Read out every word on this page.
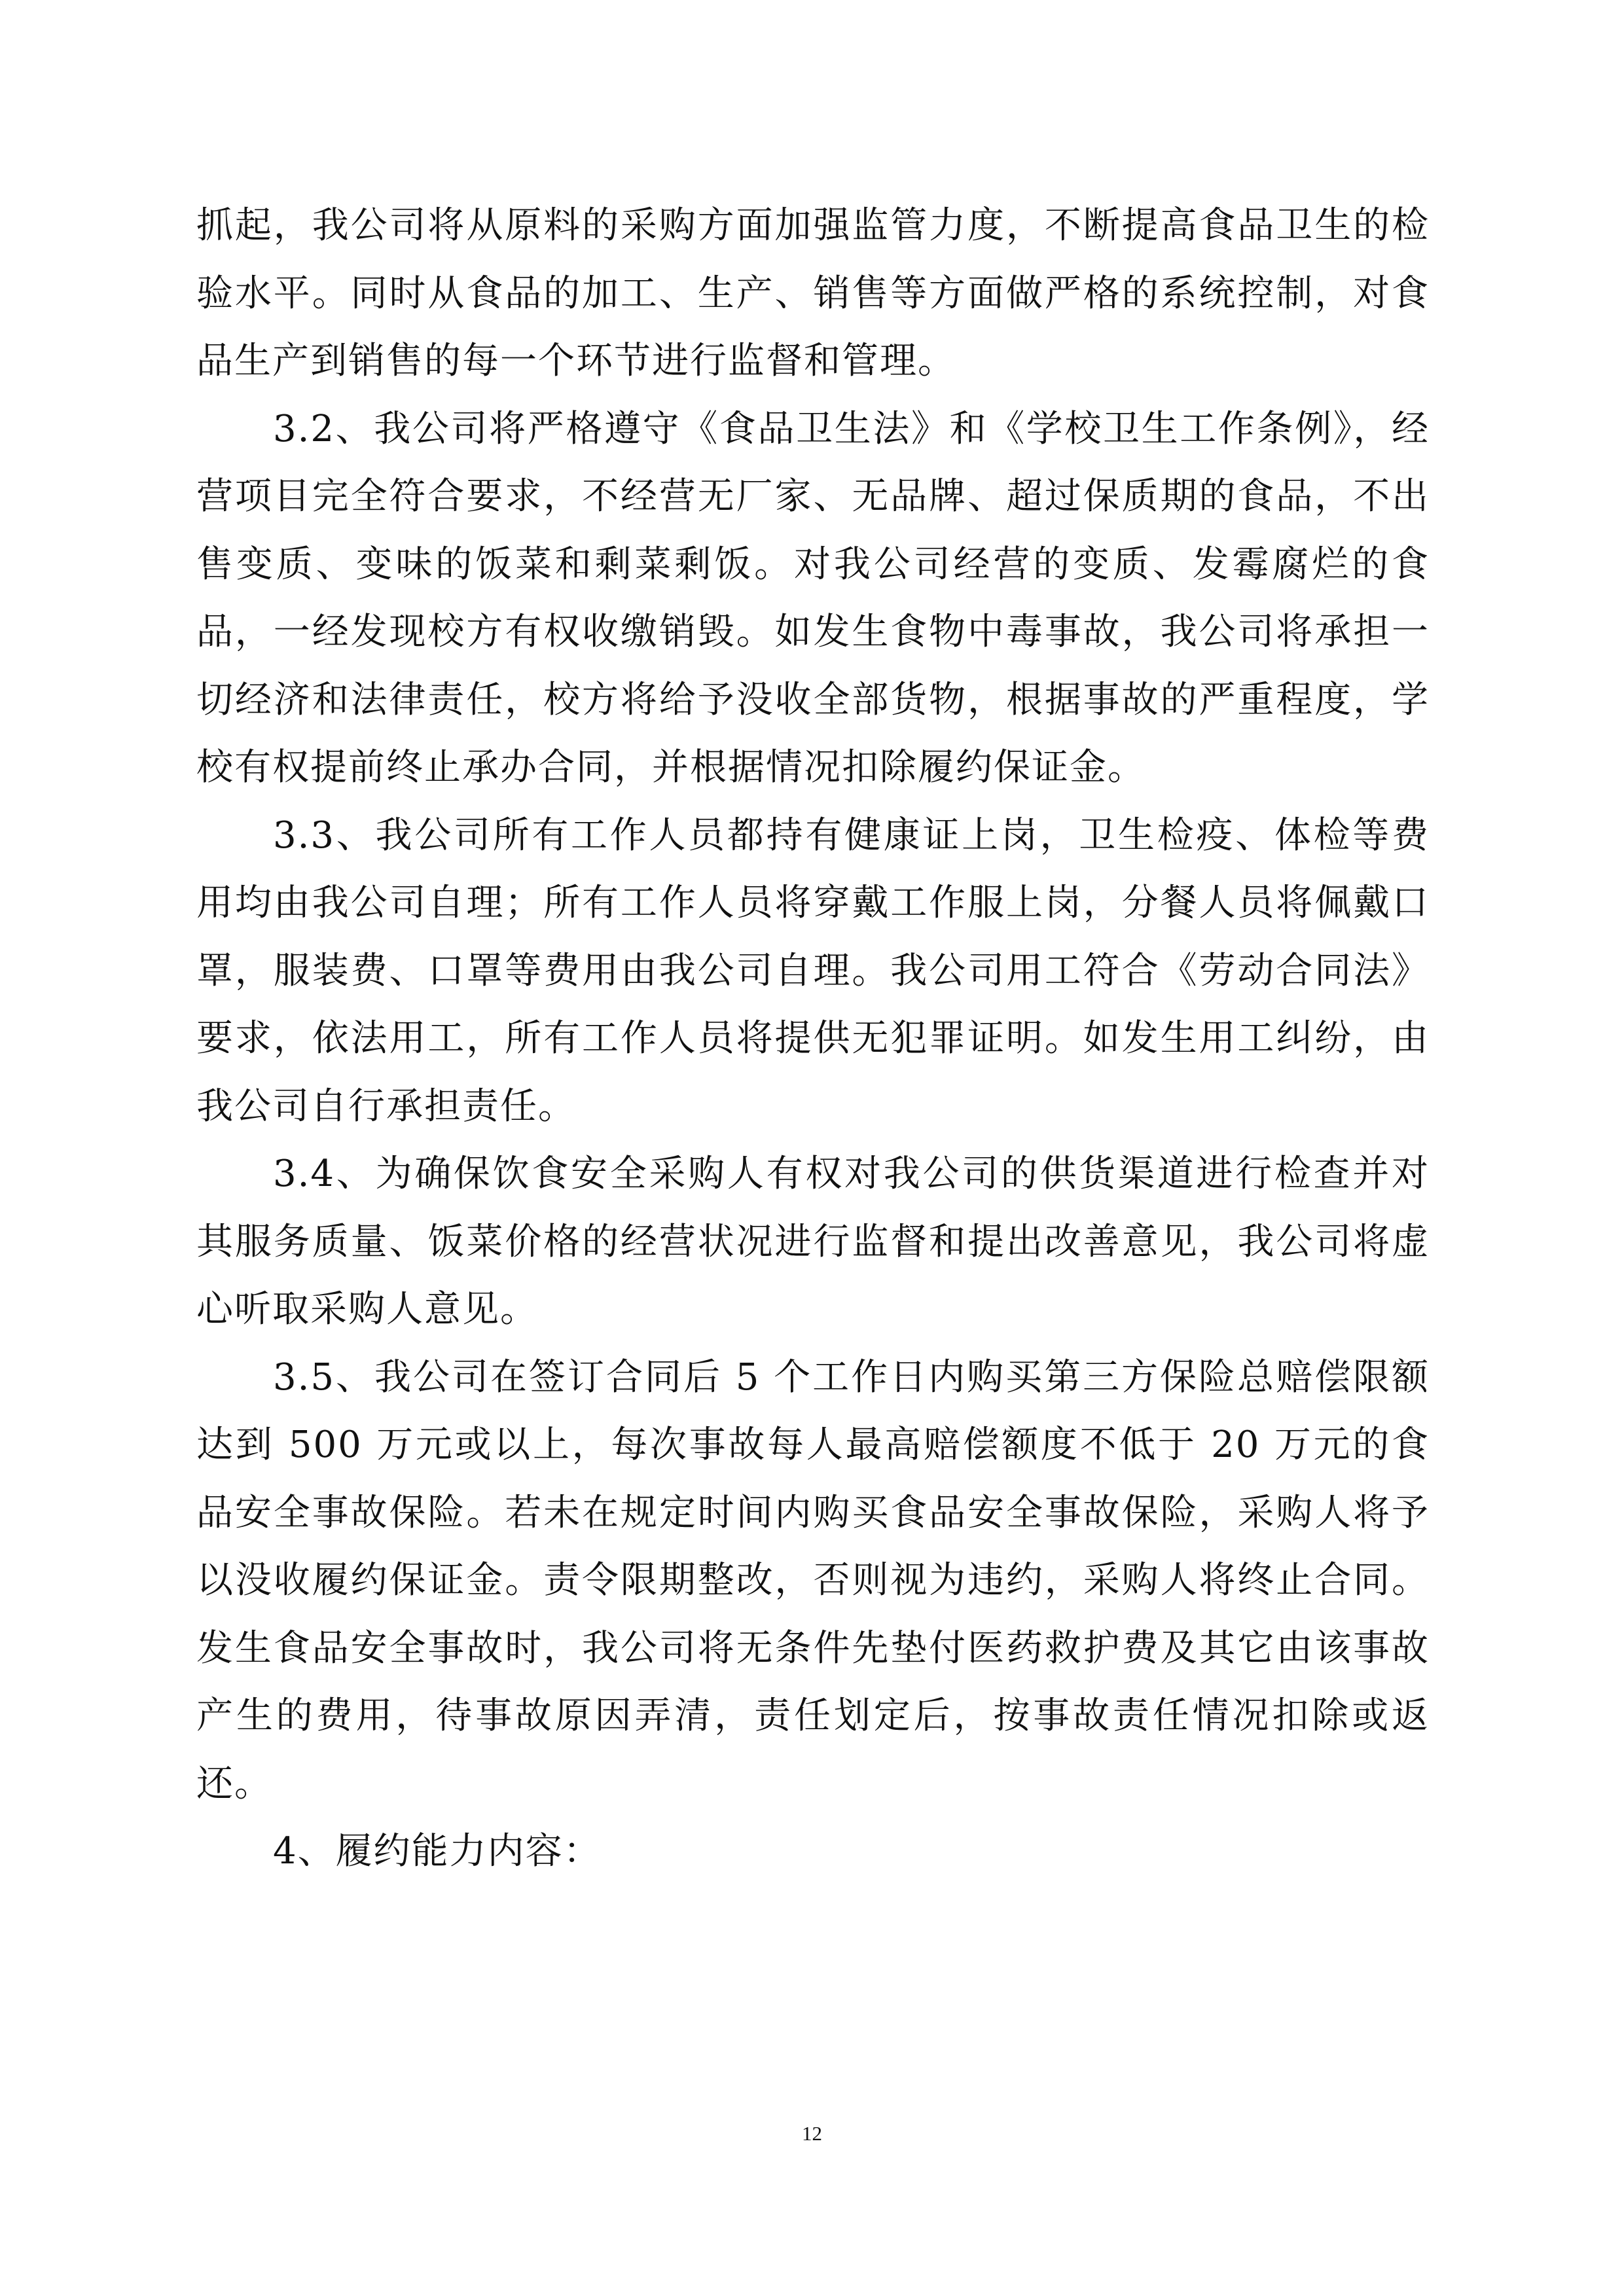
抓起，我公司将从原料的采购方面加强监管力度，不断提高食品卫生的检验水平。同时从食品的加工、生产、销售等方面做严格的系统控制，对食品生产到销售的每一个环节进行监督和管理。

3.2、我公司将严格遵守《食品卫生法》和《学校卫生工作条例》，经营项目完全符合要求，不经营无厂家、无品牌、超过保质期的食品，不出售变质、变味的饭菜和剩菜剩饭。对我公司经营的变质、发霉腐烂的食品，一经发现校方有权收缴销毁。如发生食物中毒事故，我公司将承担一切经济和法律责任，校方将给予没收全部货物，根据事故的严重程度，学校有权提前终止承办合同，并根据情况扣除履约保证金。

3.3、我公司所有工作人员都持有健康证上岗，卫生检疫、体检等费用均由我公司自理；所有工作人员将穿戴工作服上岗，分餐人员将佩戴口罩，服装费、口罩等费用由我公司自理。我公司用工符合《劳动合同法》要求，依法用工，所有工作人员将提供无犯罪证明。如发生用工纠纷，由我公司自行承担责任。

3.4、为确保饮食安全采购人有权对我公司的供货渠道进行检查并对其服务质量、饭菜价格的经营状况进行监督和提出改善意见，我公司将虚心听取采购人意见。

3.5、我公司在签订合同后 5 个工作日内购买第三方保险总赔偿限额达到 500 万元或以上，每次事故每人最高赔偿额度不低于 20 万元的食品安全事故保险。若未在规定时间内购买食品安全事故保险，采购人将予以没收履约保证金。责令限期整改，否则视为违约，采购人将终止合同。发生食品安全事故时，我公司将无条件先垫付医药救护费及其它由该事故产生的费用，待事故原因弄清，责任划定后，按事故责任情况扣除或返还。

4、履约能力内容：

12
